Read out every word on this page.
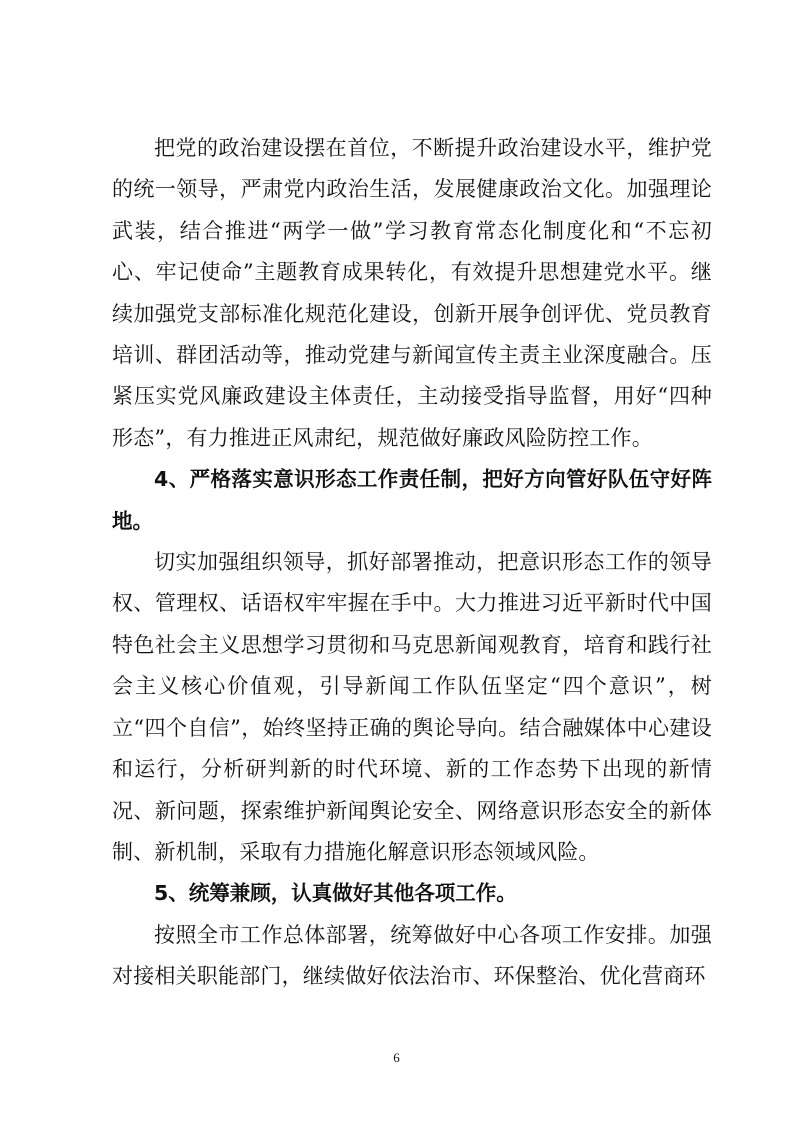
把党的政治建设摆在首位，不断提升政治建设水平，维护党的统一领导，严肃党内政治生活，发展健康政治文化。加强理论武装，结合推进“两学一做”学习教育常态化制度化和“不忘初心、牢记使命”主题教育成果转化，有效提升思想建党水平。继续加强党支部标准化规范化建设，创新开展争创评优、党员教育培训、群团活动等，推动党建与新闻宣传主责主业深度融合。压紧压实党风廉政建设主体责任，主动接受指导监督，用好“四种形态”，有力推进正风肃纪，规范做好廉政风险防控工作。

4、严格落实意识形态工作责任制，把好方向管好队伍守好阵地。

切实加强组织领导，抓好部署推动，把意识形态工作的领导权、管理权、话语权牢牢握在手中。大力推进习近平新时代中国特色社会主义思想学习贯彻和马克思新闻观教育，培育和践行社会主义核心价值观，引导新闻工作队伍坚定“四个意识”，树立“四个自信”，始终坚持正确的舆论导向。结合融媒体中心建设和运行，分析研判新的时代环境、新的工作态势下出现的新情况、新问题，探索维护新闻舆论安全、网络意识形态安全的新体制、新机制，采取有力措施化解意识形态领域风险。

5、统筹兼顾，认真做好其他各项工作。

按照全市工作总体部署，统筹做好中心各项工作安排。加强对接相关职能部门，继续做好依法治市、环保整治、优化营商环

6
